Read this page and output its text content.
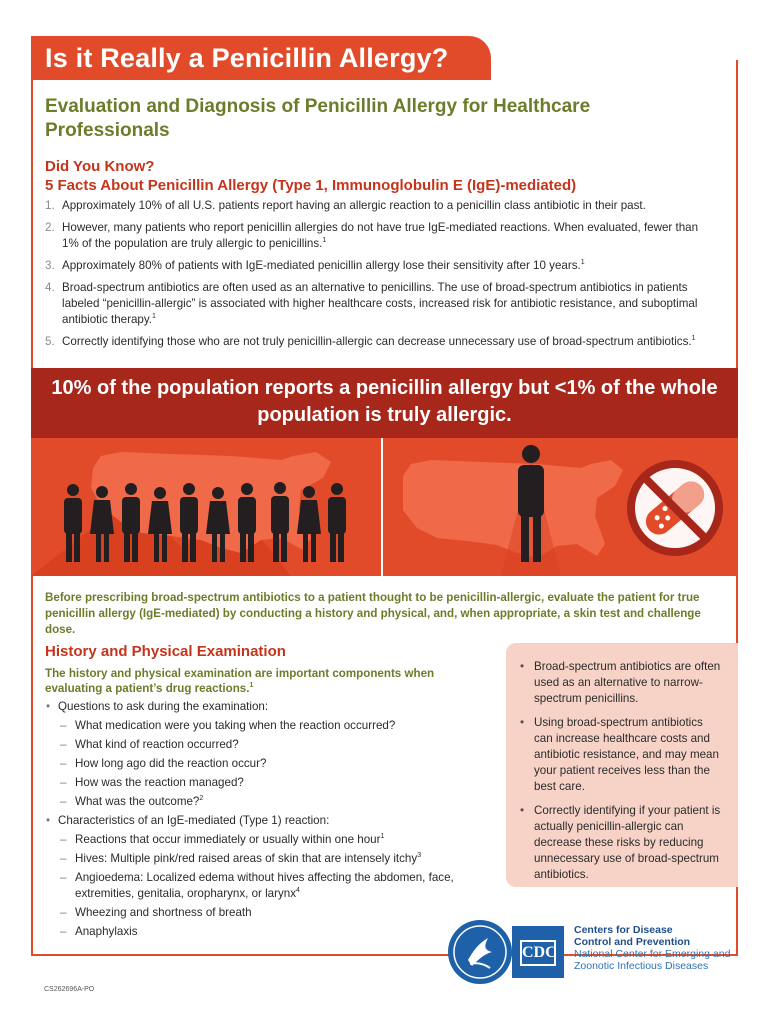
Is it Really a Penicillin Allergy?
Evaluation and Diagnosis of Penicillin Allergy for Healthcare Professionals
Did You Know?
5 Facts About Penicillin Allergy (Type 1, Immunoglobulin E (IgE)-mediated)
1. Approximately 10% of all U.S. patients report having an allergic reaction to a penicillin class antibiotic in their past.
2. However, many patients who report penicillin allergies do not have true IgE-mediated reactions. When evaluated, fewer than 1% of the population are truly allergic to penicillins.$^1$
3. Approximately 80% of patients with IgE-mediated penicillin allergy lose their sensitivity after 10 years.$^1$
4. Broad-spectrum antibiotics are often used as an alternative to penicillins. The use of broad-spectrum antibiotics in patients labeled “penicillin-allergic” is associated with higher healthcare costs, increased risk for antibiotic resistance, and suboptimal antibiotic therapy.$^1$
5. Correctly identifying those who are not truly penicillin-allergic can decrease unnecessary use of broad-spectrum antibiotics.$^1$
10% of the population reports a penicillin allergy but <1% of the whole
population is truly allergic.
Before prescribing broad-spectrum antibiotics to a patient thought to be penicillin-allergic, evaluate the patient for true penicillin allergy (IgE-mediated) by conducting a history and physical, and, when appropriate, a skin test and challenge dose.
History and Physical Examination
The history and physical examination are important components when evaluating a patient’s drug reactions.$^1$
• Questions to ask during the examination:
– What medication were you taking when the reaction occurred?
– What kind of reaction occurred?
– How long ago did the reaction occur?
– How was the reaction managed?
– What was the outcome?$^2$
• Characteristics of an IgE-mediated (Type 1) reaction:
– Reactions that occur immediately or usually within one hour$^1$
– Hives: Multiple pink/red raised areas of skin that are intensely itchy$^3$
– Angioedema: Localized edema without hives affecting the abdomen, face, extremities, genitalia, oropharynx, or larynx$^4$
– Wheezing and shortness of breath
– Anaphylaxis
• Broad-spectrum antibiotics are often used as an alternative to narrow-spectrum penicillins.
• Using broad-spectrum antibiotics can increase healthcare costs and antibiotic resistance, and may mean your patient receives less than the best care.
• Correctly identifying if your patient is actually penicillin-allergic can decrease these risks by reducing unnecessary use of broad-spectrum antibiotics.
CDC
Centers for Disease
Control and Prevention
National Center for Emerging and
Zoonotic Infectious Diseases
CS262696A-PO
